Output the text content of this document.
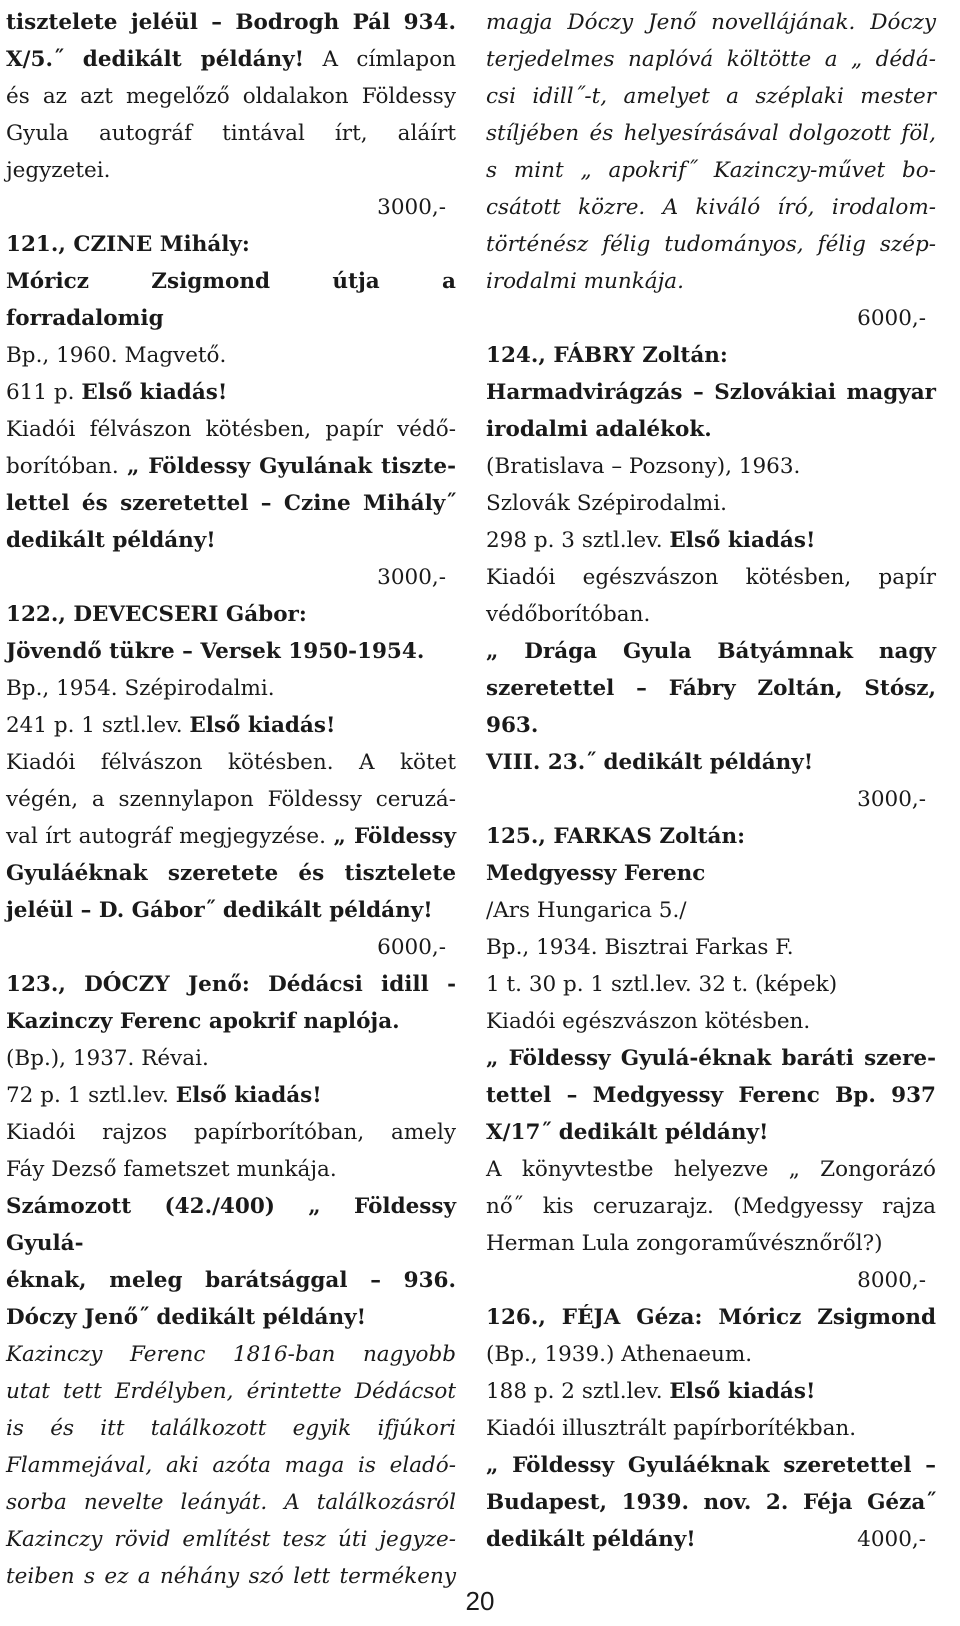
tisztelete jeléül – Bodrogh Pál 934.

X/5.˝ dedikált példány! A címlapon

és az azt megelőző oldalakon Földessy

Gyula autográf tintával írt, aláírt

jegyzetei.

3000,-

121., CZINE Mihály:

Móricz Zsigmond útja a forradalomig

Bp., 1960. Magvető.

611 p. Első kiadás!

Kiadói félvászon kötésben, papír védő-

borítóban. „ Földessy Gyulának tiszte-

lettel és szeretettel – Czine Mihály˝

dedikált példány!

3000,-

122., DEVECSERI Gábor:

Jövendő tükre – Versek 1950-1954.

Bp., 1954. Szépirodalmi.

241 p. 1 sztl.lev. Első kiadás!

Kiadói félvászon kötésben. A kötet

végén, a szennylapon Földessy ceruzá-

val írt autográf megjegyzése. „ Földessy

Gyuláéknak szeretete és tisztelete

jeléül – D. Gábor˝ dedikált példány!

6000,-

123., DÓCZY Jenő: Dédácsi idill -

Kazinczy Ferenc apokrif naplója.

(Bp.), 1937. Révai.

72 p. 1 sztl.lev. Első kiadás!

Kiadói rajzos papírborítóban, amely

Fáy Dezső fametszet munkája.

Számozott (42./400) „ Földessy Gyulá-

éknak, meleg barátsággal – 936.

Dóczy Jenő˝ dedikált példány!

Kazinczy Ferenc 1816-ban nagyobb

utat tett Erdélyben, érintette Dédácsot

is és itt találkozott egyik ifjúkori

Flammejával, aki azóta maga is eladó-

sorba nevelte leányát. A találkozásról

Kazinczy rövid említést tesz úti jegyze-

teiben s ez a néhány szó lett termékeny

magja Dóczy Jenő novellájának. Dóczy

terjedelmes naplóvá költötte a „ dédá-

csi idill˝-t, amelyet a széplaki mester

stíljében és helyesírásával dolgozott föl,

s mint „ apokrif˝ Kazinczy-művet bo-

csátott közre. A kiváló író, irodalom-

történész félig tudományos, félig szép-

irodalmi munkája.

6000,-

124., FÁBRY Zoltán:

Harmadvirágzás – Szlovákiai magyar

irodalmi adalékok.

(Bratislava – Pozsony), 1963.

Szlovák Szépirodalmi.

298 p. 3 sztl.lev. Első kiadás!

Kiadói egészvászon kötésben, papír

védőborítóban.

„ Drága Gyula Bátyámnak nagy

szeretettel – Fábry Zoltán, Stósz, 963.

VIII. 23.˝ dedikált példány!

3000,-

125., FARKAS Zoltán:

Medgyessy Ferenc

/Ars Hungarica 5./

Bp., 1934. Bisztrai Farkas F.

1 t. 30 p. 1 sztl.lev. 32 t. (képek)

Kiadói egészvászon kötésben.

„ Földessy Gyulá-éknak baráti szere-

tettel – Medgyessy Ferenc Bp. 937

X/17˝ dedikált példány!

A könyvtestbe helyezve „ Zongorázó

nő˝ kis ceruzarajz. (Medgyessy rajza

Herman Lula zongoraművésznőről?)

8000,-

126., FÉJA Géza: Móricz Zsigmond

(Bp., 1939.) Athenaeum.

188 p. 2 sztl.lev. Első kiadás!

Kiadói illusztrált papírborítékban.

„ Földessy Gyuláéknak szeretettel –

Budapest, 1939. nov. 2. Féja Géza˝

dedikált példány!	4000,-

20
